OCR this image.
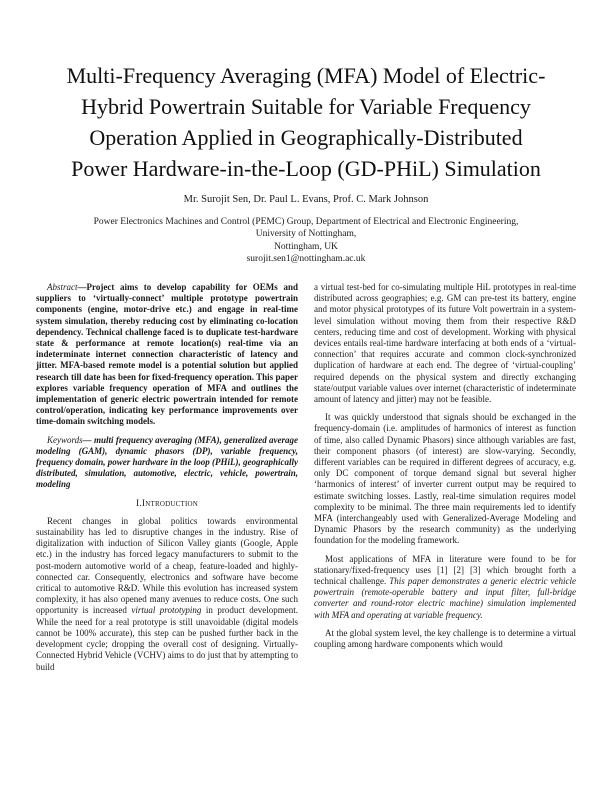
Multi-Frequency Averaging (MFA) Model of Electric-
Hybrid Powertrain Suitable for Variable Frequency
Operation Applied in Geographically-Distributed
Power Hardware-in-the-Loop (GD-PHiL) Simulation
Mr. Surojit Sen, Dr. Paul L. Evans, Prof. C. Mark Johnson
Power Electronics Machines and Control (PEMC) Group, Department of Electrical and Electronic Engineering,
University of Nottingham,
Nottingham, UK
surojit.sen1@nottingham.ac.uk

Abstract—Project aims to develop capability for OEMs and suppliers to ‘virtually-connect’ multiple prototype powertrain components (engine, motor-drive etc.) and engage in real-time system simulation, thereby reducing cost by eliminating co-location dependency. Technical challenge faced is to duplicate test-hardware state & performance at remote location(s) real-time via an indeterminate internet connection characteristic of latency and jitter. MFA-based remote model is a potential solution but applied research till date has been for fixed-frequency operation. This paper explores variable frequency operation of MFA and outlines the implementation of generic electric powertrain intended for remote control/operation, indicating key performance improvements over time-domain switching models.

Keywords— multi frequency averaging (MFA), generalized average modeling (GAM), dynamic phasors (DP), variable frequency, frequency domain, power hardware in the loop (PHiL), geographically distributed, simulation, automotive, electric, vehicle, powertrain, modeling

I.Introduction

Recent changes in global politics towards environmental sustainability has led to disruptive changes in the industry. Rise of digitalization with induction of Silicon Valley giants (Google, Apple etc.) in the industry has forced legacy manufacturers to submit to the post-modern automotive world of a cheap, feature-loaded and highly-connected car. Consequently, electronics and software have become critical to automotive R&D. While this evolution has increased system complexity, it has also opened many avenues to reduce costs. One such opportunity is increased virtual prototyping in product development. While the need for a real prototype is still unavoidable (digital models cannot be 100% accurate), this step can be pushed further back in the development cycle; dropping the overall cost of designing. Virtually-Connected Hybrid Vehicle (VCHV) aims to do just that by attempting to build

a virtual test-bed for co-simulating multiple HiL prototypes in real-time distributed across geographies; e.g. GM can pre-test its battery, engine and motor physical prototypes of its future Volt powertrain in a system-level simulation without moving them from their respective R&D centers, reducing time and cost of development. Working with physical devices entails real-time hardware interfacing at both ends of a ‘virtual-connection’ that requires accurate and common clock-synchronized duplication of hardware at each end. The degree of ‘virtual-coupling’ required depends on the physical system and directly exchanging state/output variable values over internet (characteristic of indeterminate amount of latency and jitter) may not be feasible.

It was quickly understood that signals should be exchanged in the frequency-domain (i.e. amplitudes of harmonics of interest as function of time, also called Dynamic Phasors) since although variables are fast, their component phasors (of interest) are slow-varying. Secondly, different variables can be required in different degrees of accuracy, e.g. only DC component of torque demand signal but several higher ‘harmonics of interest’ of inverter current output may be required to estimate switching losses. Lastly, real-time simulation requires model complexity to be minimal. The three main requirements led to identify MFA (interchangeably used with Generalized-Average Modeling and Dynamic Phasors by the research community) as the underlying foundation for the modeling framework.

Most applications of MFA in literature were found to be for stationary/fixed-frequency uses [1] [2] [3] which brought forth a technical challenge. This paper demonstrates a generic electric vehicle powertrain (remote-operable battery and input filter, full-bridge converter and round-rotor electric machine) simulation implemented with MFA and operating at variable frequency.

At the global system level, the key challenge is to determine a virtual coupling among hardware components which would
